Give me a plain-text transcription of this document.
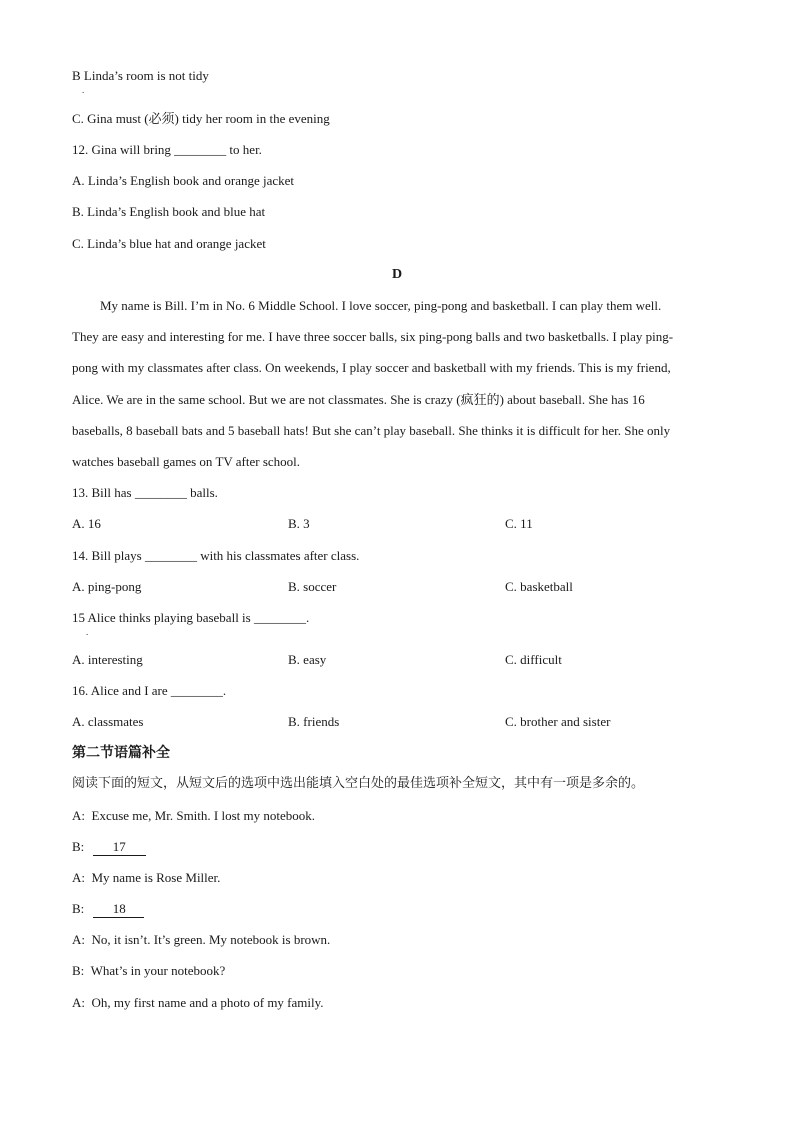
B Linda’s room is not tidy
.
C. Gina must (必须) tidy her room in the evening
12. Gina will bring ________ to her.
A. Linda’s English book and orange jacket
B. Linda’s English book and blue hat
C. Linda’s blue hat and orange jacket
D
My name is Bill. I’m in No. 6 Middle School. I love soccer, ping-pong and basketball. I can play them well.
They are easy and interesting for me. I have three soccer balls, six ping-pong balls and two basketballs. I play ping-
pong with my classmates after class. On weekends, I play soccer and basketball with my friends. This is my friend,
Alice. We are in the same school. But we are not classmates. She is crazy (疯狂的) about baseball. She has 16
baseballs, 8 baseball bats and 5 baseball hats! But she can’t play baseball. She thinks it is difficult for her. She only
watches baseball games on TV after school.
13. Bill has ________ balls.
A. 16	B. 3	C. 11
14. Bill plays ________ with his classmates after class.
A. ping-pong	B. soccer	C. basketball
15 Alice thinks playing baseball is ________.
.
A. interesting	B. easy	C. difficult
16. Alice and I are ________.
A. classmates	B. friends	C. brother and sister
第二节语篇补全
阅读下面的短文，从短文后的选项中选出能填入空白处的最佳选项补全短文，其中有一项是多余的。
A: Excuse me, Mr. Smith. I lost my notebook.
B: 17
A: My name is Rose Miller.
B: 18
A: No, it isn’t. It’s green. My notebook is brown.
B: What’s in your notebook?
A: Oh, my first name and a photo of my family.
